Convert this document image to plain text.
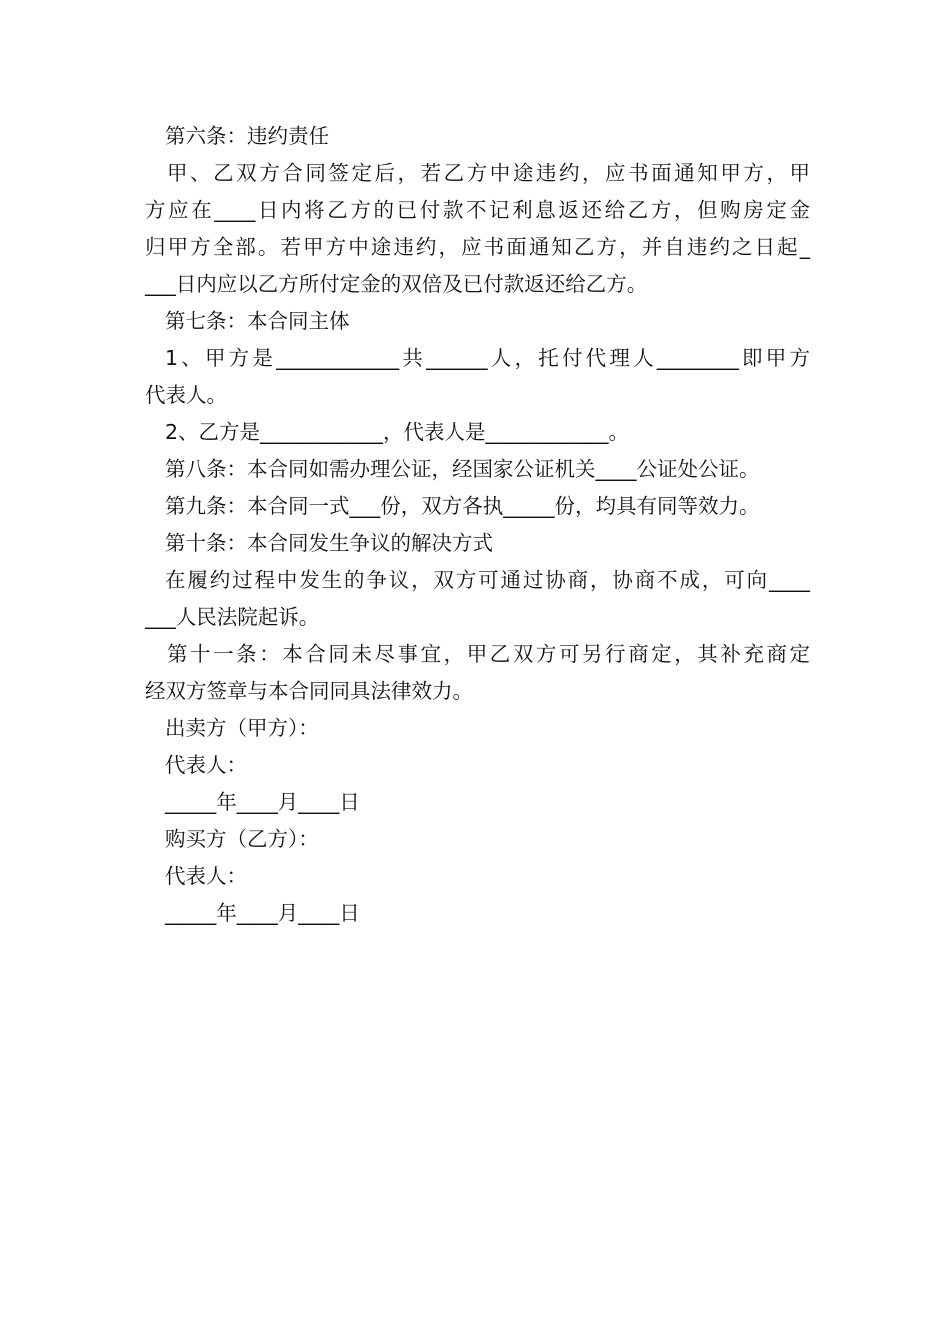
第六条：违约责任
甲、乙双方合同签定后，若乙方中途违约，应书面通知甲方，甲
方应在____日内将乙方的已付款不记利息返还给乙方，但购房定金
归甲方全部。若甲方中途违约，应书面通知乙方，并自违约之日起_
___日内应以乙方所付定金的双倍及已付款返还给乙方。
第七条：本合同主体
1、甲方是____________共______人，托付代理人________即甲方
代表人。
2、乙方是____________，代表人是____________。
第八条：本合同如需办理公证，经国家公证机关____公证处公证。
第九条：本合同一式___份，双方各执_____份，均具有同等效力。
第十条：本合同发生争议的解决方式
在履约过程中发生的争议，双方可通过协商，协商不成，可向____
___人民法院起诉。
第十一条：本合同未尽事宜，甲乙双方可另行商定，其补充商定
经双方签章与本合同同具法律效力。
出卖方（甲方）：
代表人：
_____年____月____日
购买方（乙方）：
代表人：
_____年____月____日
